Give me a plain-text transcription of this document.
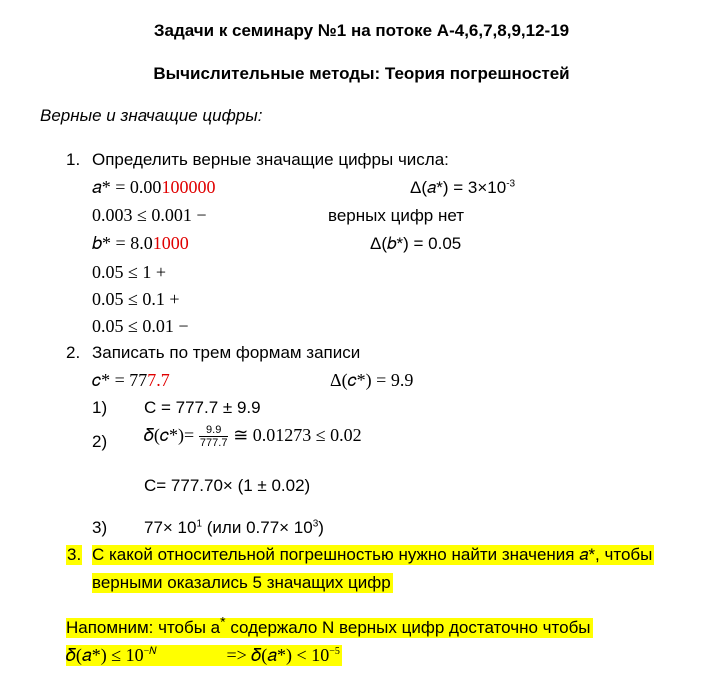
Задачи к семинару №1 на потоке А-4,6,7,8,9,12-19
Вычислительные методы: Теория погрешностей
Верные и значащие цифры:
1. Определить верные значащие цифры числа:
𝑎* = 0.00100000	Δ(𝑎*) = $3\times 10^{-3}$
0.003 ≤ 0.001 −	верных цифр нет
𝑏* = 8.01000	Δ(𝑏*) = 0.05
0.05 ≤ 1 +
0.05 ≤ 0.1 +
0.05 ≤ 0.01 −
2. Записать по трем формам записи
𝑐* = 777.7	Δ(𝑐*) = 9.9
1) C = 777.7 ± 9.9
2) 𝛿(𝑐*)= $\frac{9.9}{777.7}$ ≅ 0.01273 ≤ 0.02
C= 777.70× (1 ± 0.02)
3) $77\times 10^1$ (или $0.77\times 10^3$)
3. С какой относительной погрешностью нужно найти значения 𝑎*, чтобы
верными оказались 5 значащих цифр
Напомним: чтобы a* содержало N верных цифр достаточно чтобы
𝛿(𝑎*) ≤ $10^{-𝑁}$	=> 𝛿(𝑎*) < $10^{-5}$
